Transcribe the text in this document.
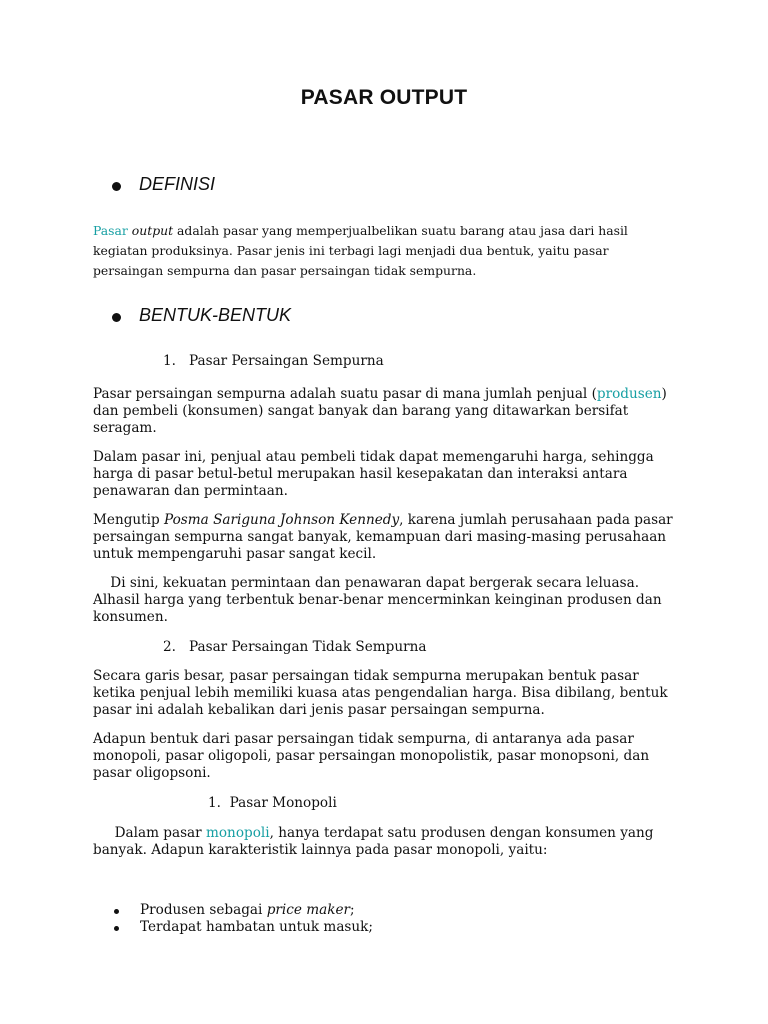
PASAR OUTPUT
DEFINISI

Pasar output adalah pasar yang memperjualbelikan suatu barang atau jasa dari hasil kegiatan produksinya. Pasar jenis ini terbagi lagi menjadi dua bentuk, yaitu pasar persaingan sempurna dan pasar persaingan tidak sempurna.

BENTUK-BENTUK
1. Pasar Persaingan Sempurna

Pasar persaingan sempurna adalah suatu pasar di mana jumlah penjual (produsen) dan pembeli (konsumen) sangat banyak dan barang yang ditawarkan bersifat seragam.

Dalam pasar ini, penjual atau pembeli tidak dapat memengaruhi harga, sehingga harga di pasar betul-betul merupakan hasil kesepakatan dan interaksi antara penawaran dan permintaan.

Mengutip Posma Sariguna Johnson Kennedy, karena jumlah perusahaan pada pasar persaingan sempurna sangat banyak, kemampuan dari masing-masing perusahaan untuk mempengaruhi pasar sangat kecil.

Di sini, kekuatan permintaan dan penawaran dapat bergerak secara leluasa. Alhasil harga yang terbentuk benar-benar mencerminkan keinginan produsen dan konsumen.

2. Pasar Persaingan Tidak Sempurna

Secara garis besar, pasar persaingan tidak sempurna merupakan bentuk pasar ketika penjual lebih memiliki kuasa atas pengendalian harga. Bisa dibilang, bentuk pasar ini adalah kebalikan dari jenis pasar persaingan sempurna.

Adapun bentuk dari pasar persaingan tidak sempurna, di antaranya ada pasar monopoli, pasar oligopoli, pasar persaingan monopolistik, pasar monopsoni, dan pasar oligopsoni.

1. Pasar Monopoli

Dalam pasar monopoli, hanya terdapat satu produsen dengan konsumen yang banyak. Adapun karakteristik lainnya pada pasar monopoli, yaitu:

Produsen sebagai price maker;
Terdapat hambatan untuk masuk;
